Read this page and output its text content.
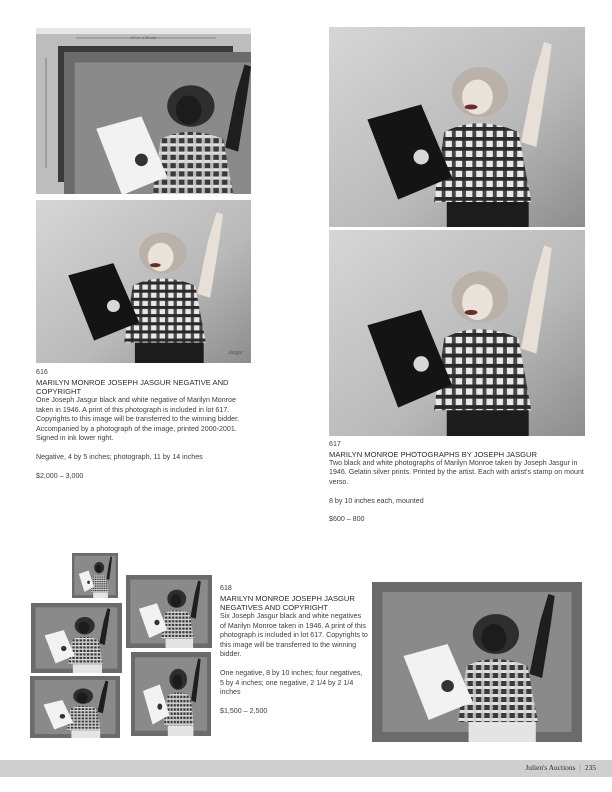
1/4 in. x 30 cm
Jasgur
616
MARILYN MONROE JOSEPH JASGUR NEGATIVE AND COPYRIGHT
One Joseph Jasgur black and white negative of Marilyn Monroe taken in 1946. A print of this photograph is included in lot 617. Copyrights to this image will be transferred to the winning bidder. Accompanied by a photograph of the image, printed 2000-2001. Signed in ink lower right.
Negative, 4 by 5 inches; photograph, 11 by 14 inches
$2,000 – 3,000
617
MARILYN MONROE PHOTOGRAPHS BY JOSEPH JASGUR
Two black and white photographs of Marilyn Monroe taken by Joseph Jasgur in 1946. Gelatin silver prints. Printed by the artist. Each with artist's stamp on mount verso.
8 by 10 inches each, mounted
$600 – 800
618
MARILYN MONROE JOSEPH JASGUR NEGATIVES AND COPYRIGHT
Six Joseph Jasgur black and white negatives of Marilyn Monroe taken in 1946. A print of this photograph is included in lot 617. Copyrights to this image will be transferred to the winning bidder.
One negative, 8 by 10 inches; four negatives, 5 by 4 inches; one negative, 2 1/4 by 2 1/4 inches
$1,500 – 2,500
Julien's Auctions | 235
